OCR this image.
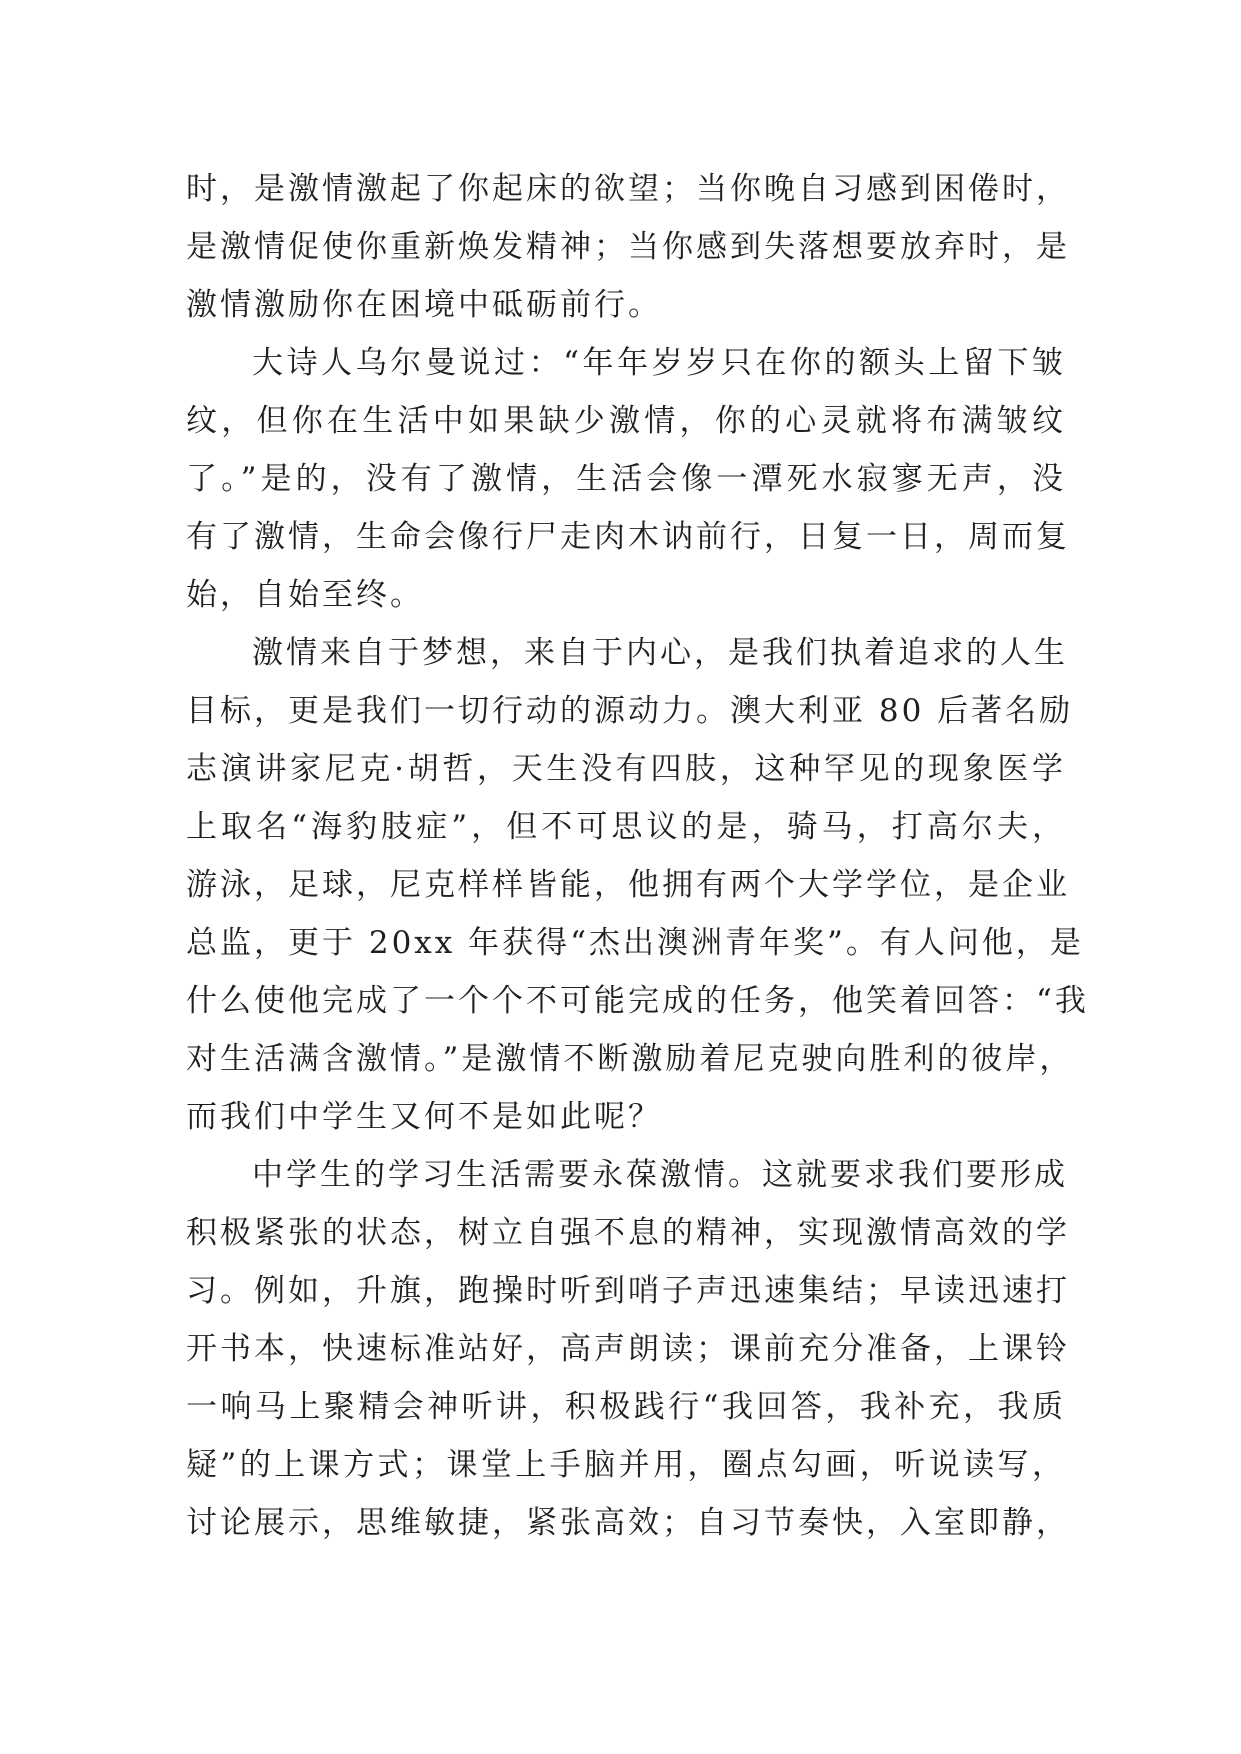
时，是激情激起了你起床的欲望；当你晚自习感到困倦时，
是激情促使你重新焕发精神；当你感到失落想要放弃时，是
激情激励你在困境中砥砺前行。
大诗人乌尔曼说过：“年年岁岁只在你的额头上留下皱
纹，但你在生活中如果缺少激情，你的心灵就将布满皱纹
了。”是的，没有了激情，生活会像一潭死水寂寥无声，没
有了激情，生命会像行尸走肉木讷前行，日复一日，周而复
始，自始至终。
激情来自于梦想，来自于内心，是我们执着追求的人生
目标，更是我们一切行动的源动力。澳大利亚 80 后著名励
志演讲家尼克·胡哲，天生没有四肢，这种罕见的现象医学
上取名“海豹肢症”，但不可思议的是，骑马，打高尔夫，
游泳，足球，尼克样样皆能，他拥有两个大学学位，是企业
总监，更于 20xx 年获得“杰出澳洲青年奖”。有人问他，是
什么使他完成了一个个不可能完成的任务，他笑着回答：“我
对生活满含激情。”是激情不断激励着尼克驶向胜利的彼岸，
而我们中学生又何不是如此呢？
中学生的学习生活需要永葆激情。这就要求我们要形成
积极紧张的状态，树立自强不息的精神，实现激情高效的学
习。例如，升旗，跑操时听到哨子声迅速集结；早读迅速打
开书本，快速标准站好，高声朗读；课前充分准备，上课铃
一响马上聚精会神听讲，积极践行“我回答，我补充，我质
疑”的上课方式；课堂上手脑并用，圈点勾画，听说读写，
讨论展示，思维敏捷，紧张高效；自习节奏快，入室即静，
